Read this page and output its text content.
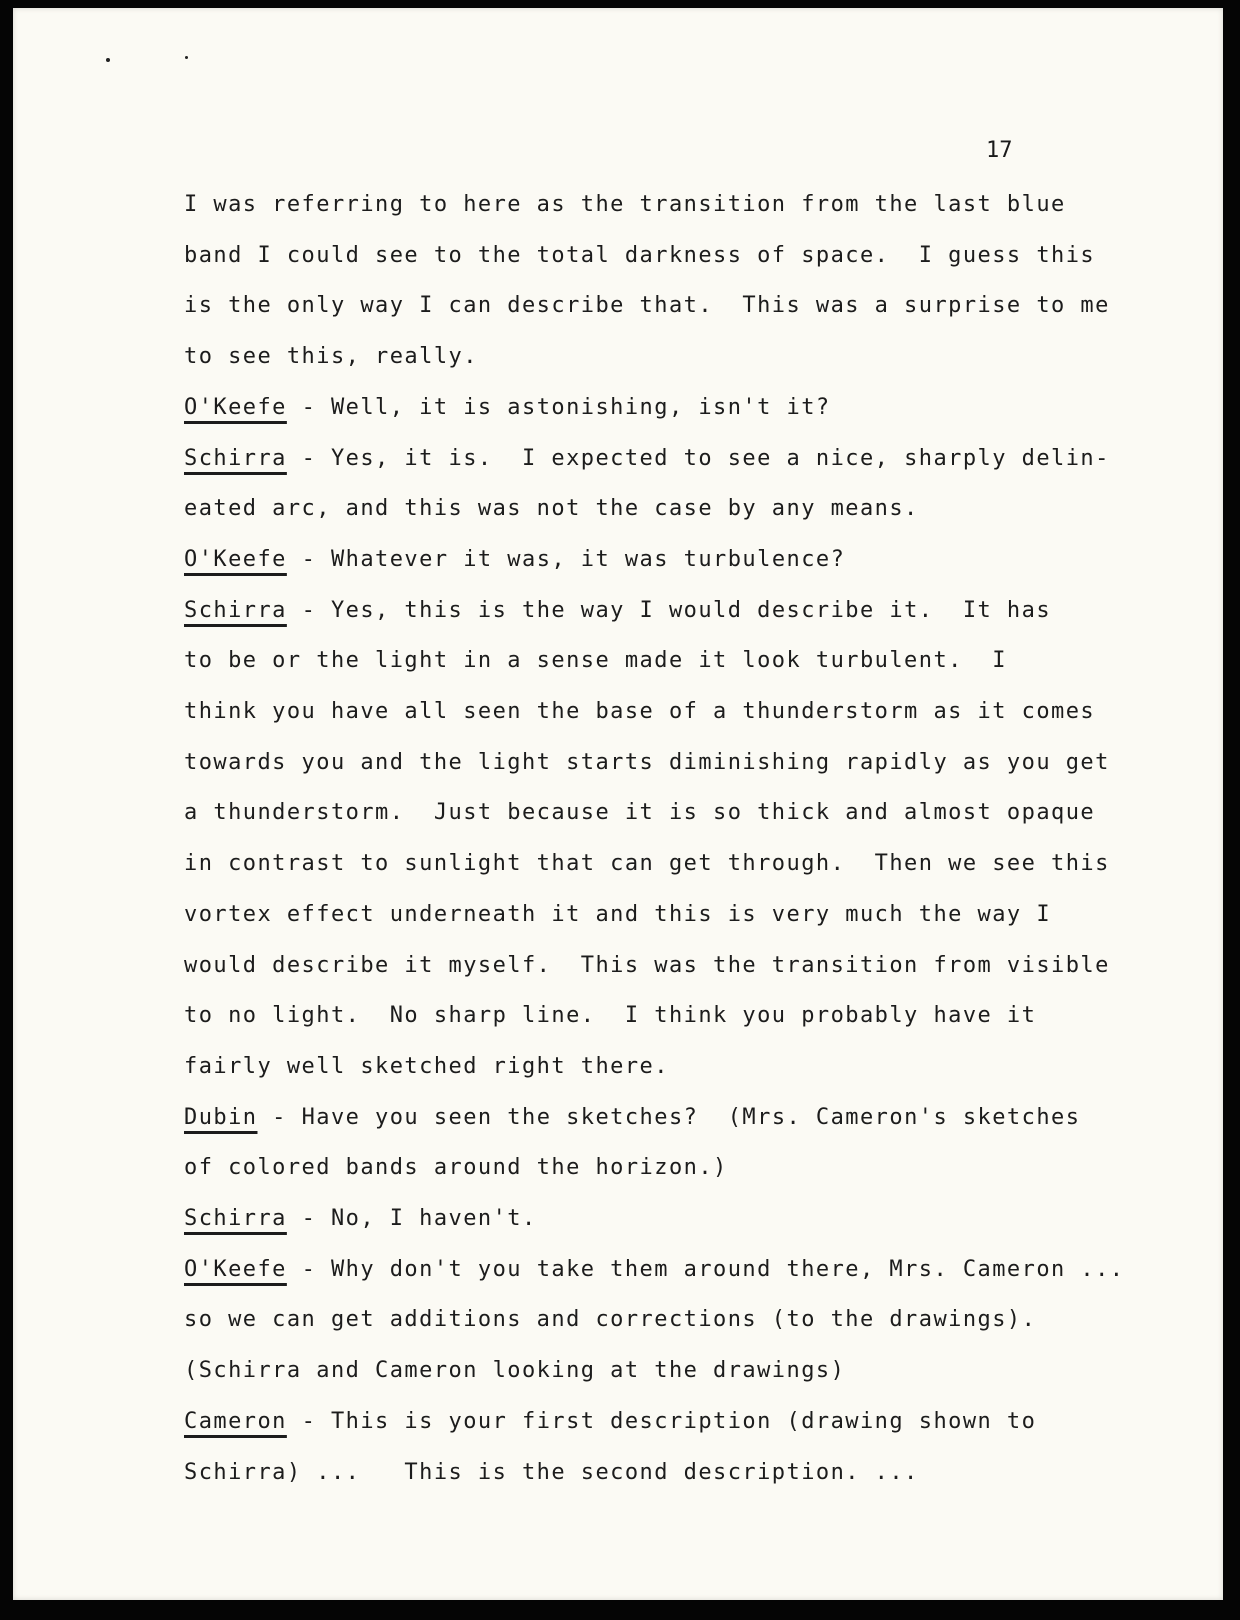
17
I was referring to here as the transition from the last blue
band I could see to the total darkness of space.  I guess this
is the only way I can describe that.  This was a surprise to me
to see this, really.
O'Keefe - Well, it is astonishing, isn't it?
Schirra - Yes, it is.  I expected to see a nice, sharply delin-
eated arc, and this was not the case by any means.
O'Keefe - Whatever it was, it was turbulence?
Schirra - Yes, this is the way I would describe it.  It has
to be or the light in a sense made it look turbulent.  I
think you have all seen the base of a thunderstorm as it comes
towards you and the light starts diminishing rapidly as you get
a thunderstorm.  Just because it is so thick and almost opaque
in contrast to sunlight that can get through.  Then we see this
vortex effect underneath it and this is very much the way I
would describe it myself.  This was the transition from visible
to no light.  No sharp line.  I think you probably have it
fairly well sketched right there.
Dubin - Have you seen the sketches?  (Mrs. Cameron's sketches
of colored bands around the horizon.)
Schirra - No, I haven't.
O'Keefe - Why don't you take them around there, Mrs. Cameron ...
so we can get additions and corrections (to the drawings).
(Schirra and Cameron looking at the drawings)
Cameron - This is your first description (drawing shown to
Schirra) ...   This is the second description. ...
